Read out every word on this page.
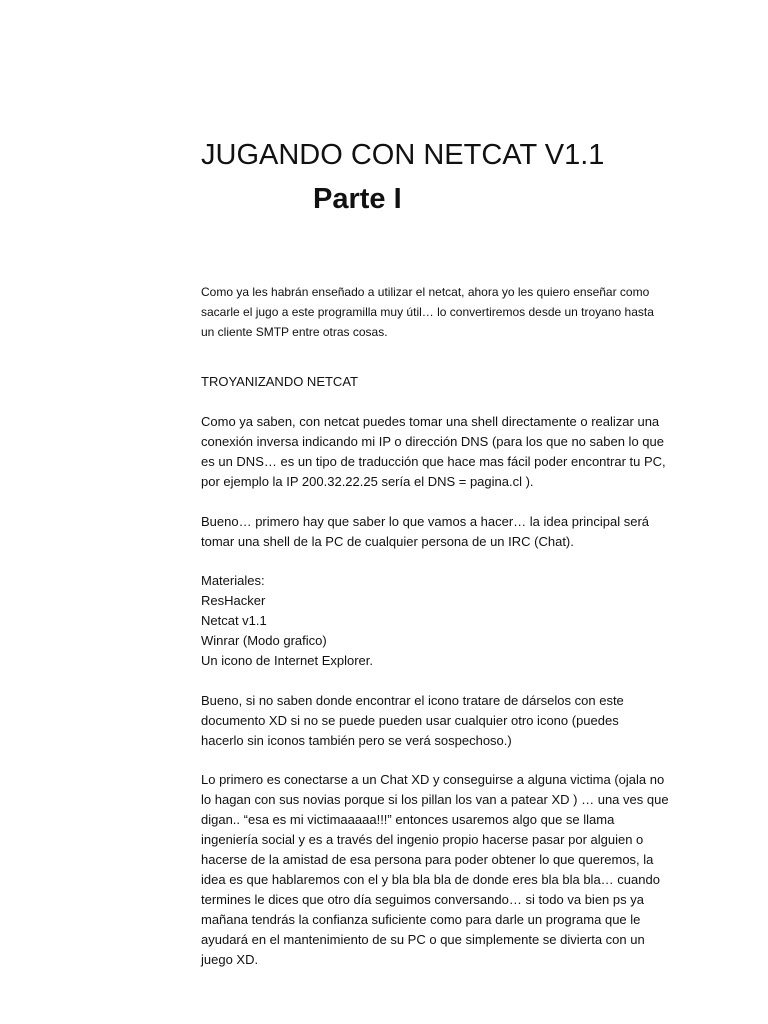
JUGANDO CON NETCAT V1.1
Parte I

Como ya les habrán enseñado a utilizar el netcat, ahora yo les quiero enseñar como
sacarle el jugo a este programilla muy útil… lo convertiremos desde un troyano hasta
un cliente SMTP entre otras cosas.

TROYANIZANDO NETCAT

Como ya saben, con netcat puedes tomar una shell directamente o realizar una
conexión inversa indicando mi IP o dirección DNS (para los que no saben lo que
es un DNS… es un tipo de traducción que hace mas fácil poder encontrar tu PC,
por ejemplo la IP 200.32.22.25 sería el DNS = pagina.cl ).

Bueno… primero hay que saber lo que vamos a hacer… la idea principal será
tomar una shell de la PC de cualquier persona de un IRC (Chat).

Materiales:
ResHacker
Netcat v1.1
Winrar (Modo grafico)
Un icono de Internet Explorer.

Bueno, si no saben donde encontrar el icono tratare de dárselos con este
documento XD si no se puede pueden usar cualquier otro icono (puedes
hacerlo sin iconos también pero se verá sospechoso.)

Lo primero es conectarse a un Chat XD y conseguirse a alguna victima (ojala no
lo hagan con sus novias porque si los pillan los van a patear XD ) … una ves que
digan.. “esa es mi victimaaaaa!!!” entonces usaremos algo que se llama
ingeniería social y es a través del ingenio propio hacerse pasar por alguien o
hacerse de la amistad de esa persona para poder obtener lo que queremos, la
idea es que hablaremos con el y bla bla bla de donde eres bla bla bla… cuando
termines le dices que otro día seguimos conversando… si todo va bien ps ya
mañana tendrás la confianza suficiente como para darle un programa que le
ayudará en el mantenimiento de su PC o que simplemente se divierta con un
juego XD.
